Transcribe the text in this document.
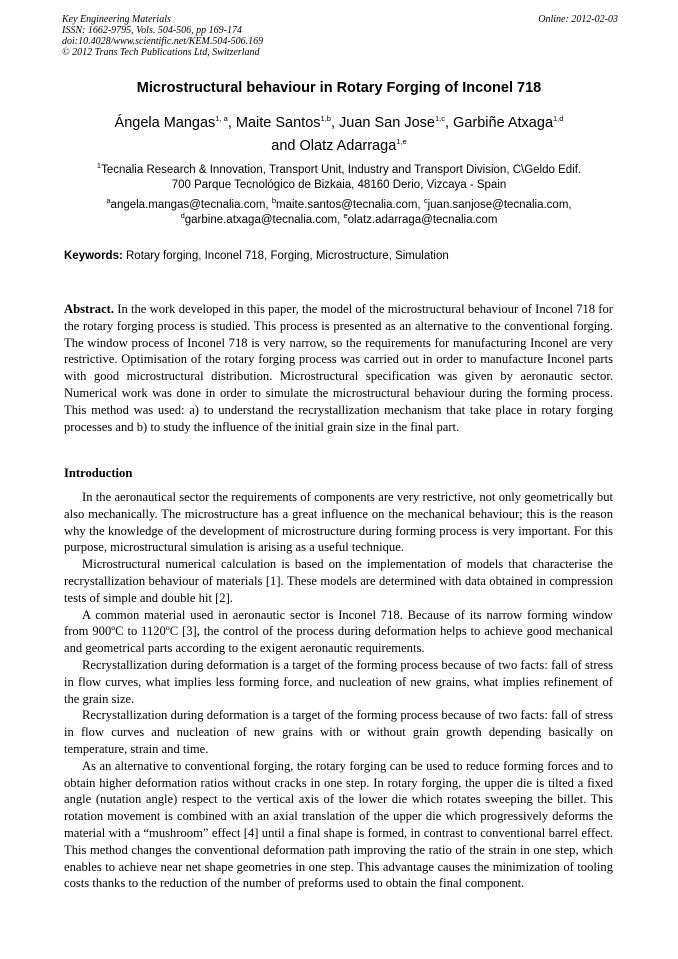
Key Engineering Materials
ISSN: 1662-9795, Vols. 504-506, pp 169-174
doi:10.4028/www.scientific.net/KEM.504-506.169
© 2012 Trans Tech Publications Ltd, Switzerland
Online: 2012-02-03
Microstructural behaviour in Rotary Forging of Inconel 718
Ángela Mangas$^{1, a}$, Maite Santos$^{1,b}$, Juan San Jose$^{1,c}$, Garbiñe Atxaga$^{1,d}$
and Olatz Adarraga$^{1,e}$
$^1$Tecnalia Research & Innovation, Transport Unit, Industry and Transport Division, C\Geldo Edif.
700 Parque Tecnológico de Bizkaia, 48160 Derio, Vizcaya - Spain
$^a$angela.mangas@tecnalia.com, $^b$maite.santos@tecnalia.com, $^c$juan.sanjose@tecnalia.com,
$^d$garbine.atxaga@tecnalia.com, $^e$olatz.adarraga@tecnalia.com
Keywords: Rotary forging, Inconel 718, Forging, Microstructure, Simulation

Abstract. In the work developed in this paper, the model of the microstructural behaviour of Inconel 718 for the rotary forging process is studied. This process is presented as an alternative to the conventional forging. The window process of Inconel 718 is very narrow, so the requirements for manufacturing Inconel are very restrictive. Optimisation of the rotary forging process was carried out in order to manufacture Inconel parts with good microstructural distribution. Microstructural specification was given by aeronautic sector. Numerical work was done in order to simulate the microstructural behaviour during the forming process. This method was used: a) to understand the recrystallization mechanism that take place in rotary forging processes and b) to study the influence of the initial grain size in the final part.

Introduction

In the aeronautical sector the requirements of components are very restrictive, not only geometrically but also mechanically. The microstructure has a great influence on the mechanical behaviour; this is the reason why the knowledge of the development of microstructure during forming process is very important. For this purpose, microstructural simulation is arising as a useful technique.

Microstructural numerical calculation is based on the implementation of models that characterise the recrystallization behaviour of materials [1]. These models are determined with data obtained in compression tests of simple and double hit [2].

A common material used in aeronautic sector is Inconel 718. Because of its narrow forming window from 900ºC to 1120ºC [3], the control of the process during deformation helps to achieve good mechanical and geometrical parts according to the exigent aeronautic requirements.

Recrystallization during deformation is a target of the forming process because of two facts: fall of stress in flow curves, what implies less forming force, and nucleation of new grains, what implies refinement of the grain size.

Recrystallization during deformation is a target of the forming process because of two facts: fall of stress in flow curves and nucleation of new grains with or without grain growth depending basically on temperature, strain and time.

As an alternative to conventional forging, the rotary forging can be used to reduce forming forces and to obtain higher deformation ratios without cracks in one step. In rotary forging, the upper die is tilted a fixed angle (nutation angle) respect to the vertical axis of the lower die which rotates sweeping the billet. This rotation movement is combined with an axial translation of the upper die which progressively deforms the material with a “mushroom” effect [4] until a final shape is formed, in contrast to conventional barrel effect. This method changes the conventional deformation path improving the ratio of the strain in one step, which enables to achieve near net shape geometries in one step. This advantage causes the minimization of tooling costs thanks to the reduction of the number of preforms used to obtain the final component.
